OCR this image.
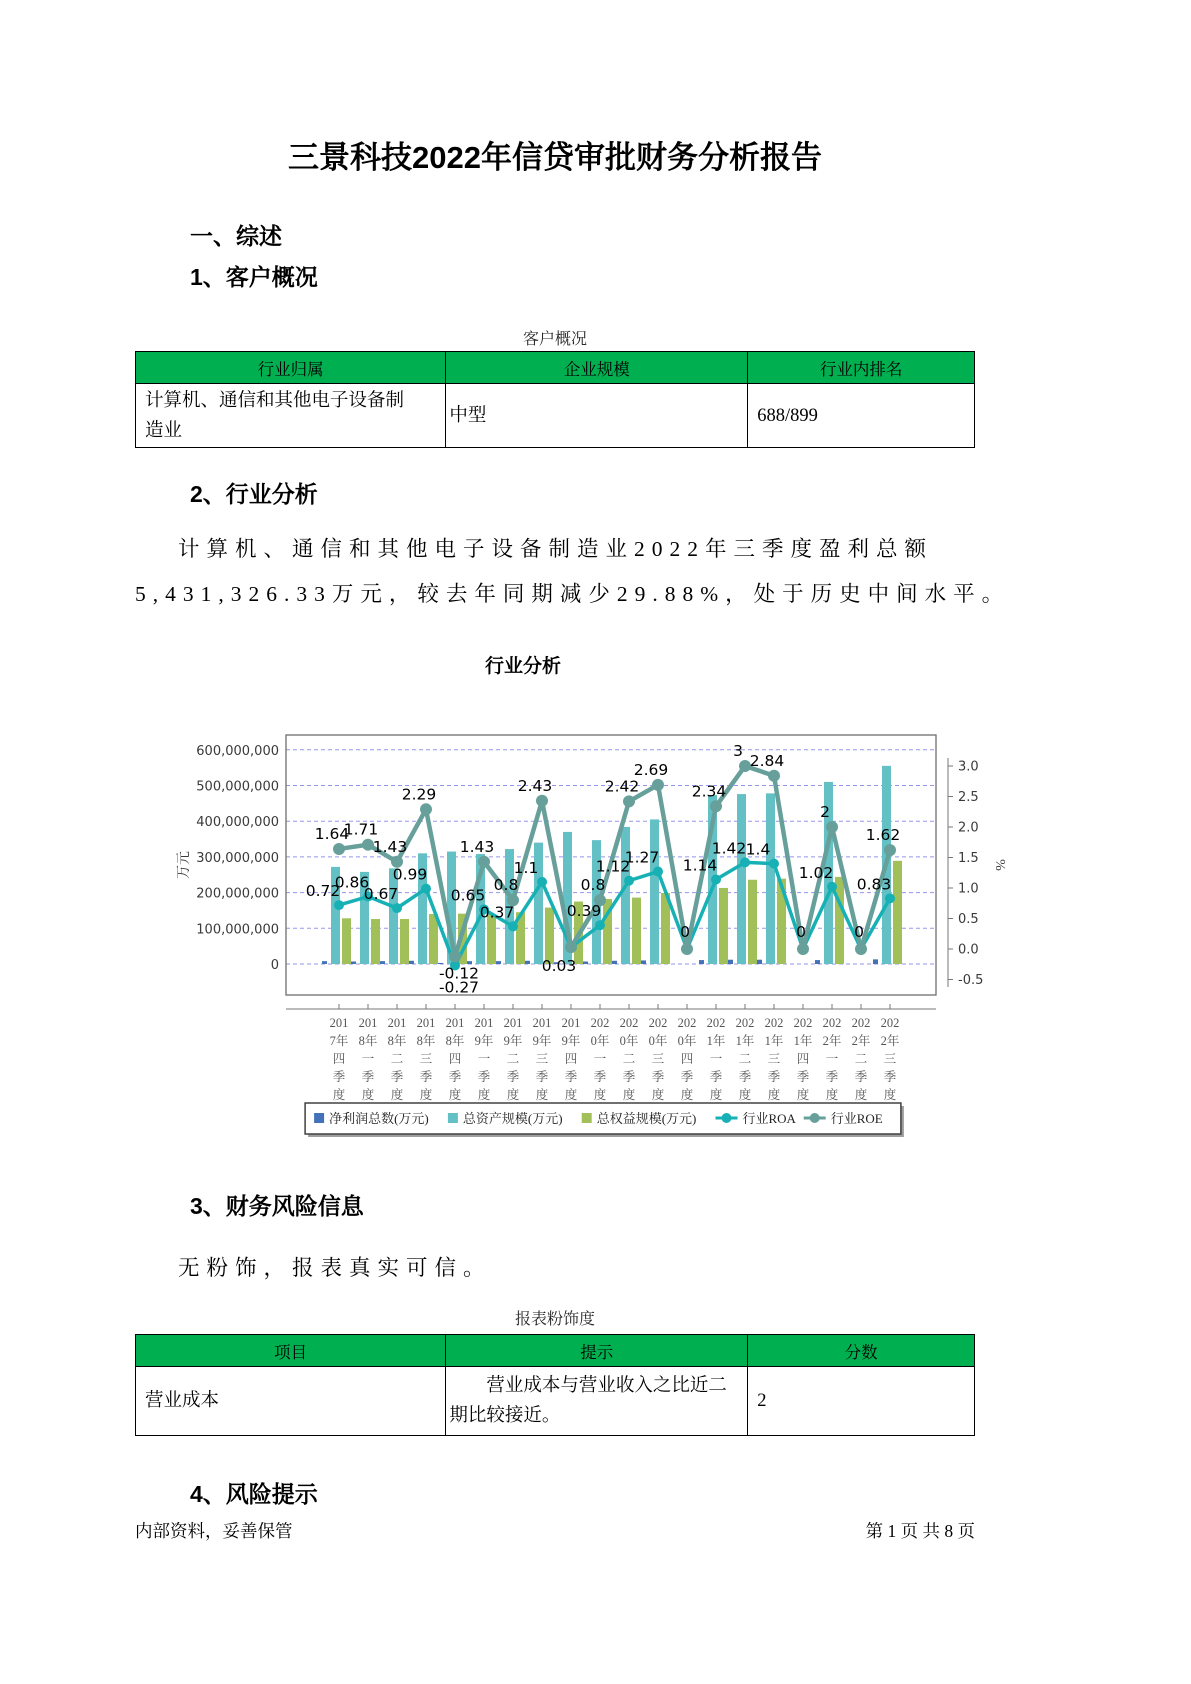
三景科技2022年信贷审批财务分析报告
一、综述
1、客户概况
客户概况
行业归属	企业规模	行业内排名
计算机、通信和其他电子设备制造业	中型	688/899
2、行业分析
计算机、通信和其他电子设备制造业2022年三季度盈利总额5,431,326.33万元，较去年同期减少29.88%，处于历史中间水平。
行业分析
0
100,000,000
200,000,000
300,000,000
400,000,000
500,000,000
600,000,000
万元
1.64
0.72
1.71
0.86
1.43
0.67
2.29
0.99
-0.12
-0.27
1.43
0.65
0.8
0.37
2.43
1.1
0.03
0.8
0.39
2.42
1.12
2.69
1.27
0
2.34
1.14
3
1.42
2.84
1.4
0
2
1.02
0
1.62
0.83
201 7年四季度
201 8年一季度
201 8年二季度
201 8年三季度
201 8年四季度
201 9年一季度
201 9年二季度
201 9年三季度
201 9年四季度
202 0年一季度
202 0年二季度
202 0年三季度
202 0年四季度
202 1年一季度
202 1年二季度
202 1年三季度
202 1年四季度
202 2年一季度
202 2年二季度
202 2年三季度
3.0
2.5
2.0
1.5
1.0
0.5
0.0
-0.5
%
净利润总数(万元)	总资产规模(万元)	总权益规模(万元)	行业ROA	行业ROE
3、财务风险信息
无粉饰，报表真实可信。
报表粉饰度
项目	提示	分数
营业成本	营业成本与营业收入之比近二期比较接近。	2
4、风险提示
内部资料，妥善保管	第 1 页 共 8 页
